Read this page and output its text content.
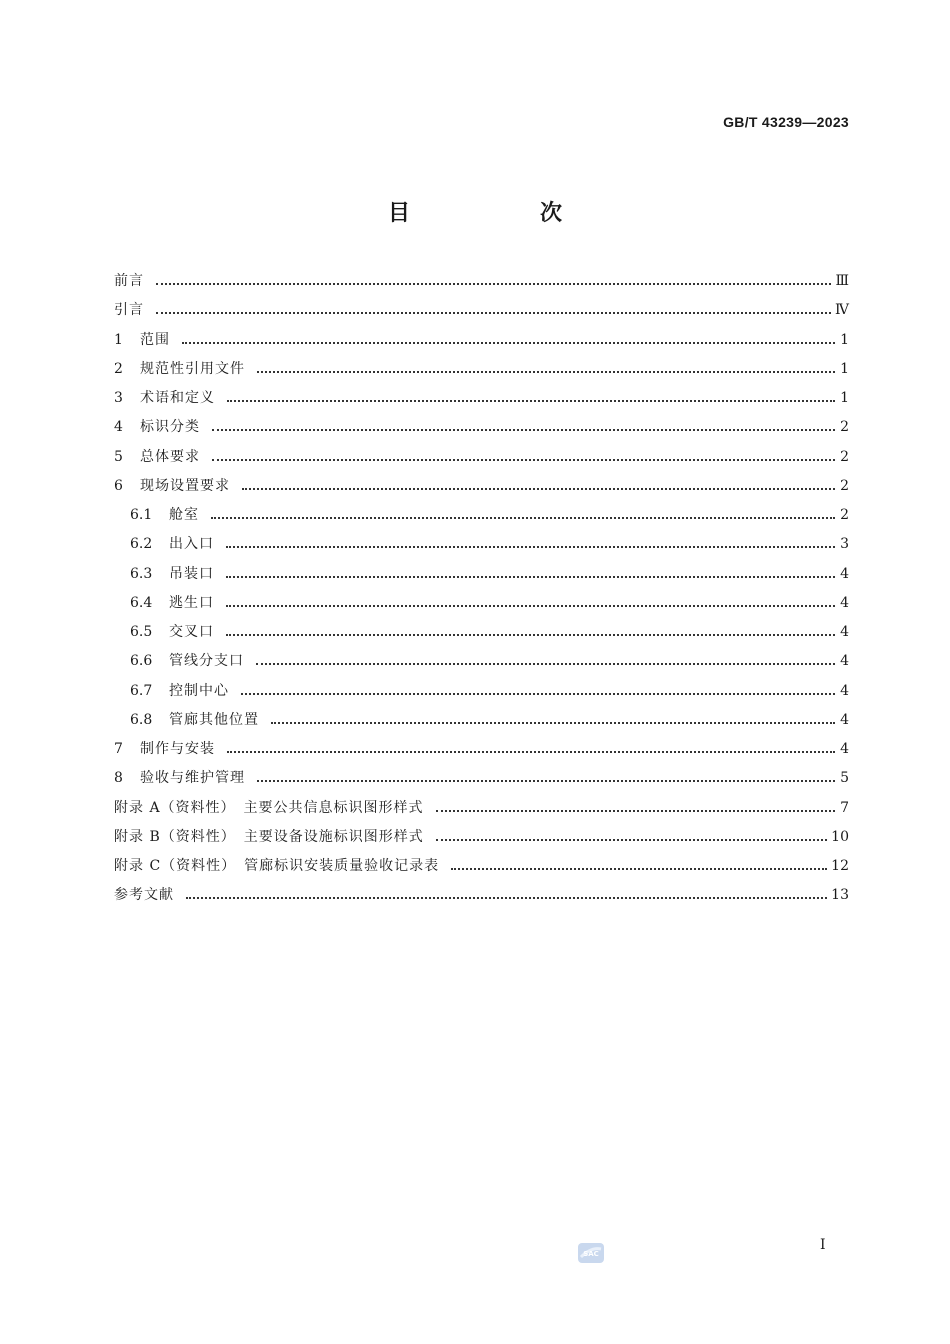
GB/T 43239—2023
目　次
前言	Ⅲ
引言	Ⅳ
1	范围	1
2	规范性引用文件	1
3	术语和定义	1
4	标识分类	2
5	总体要求	2
6	现场设置要求	2
6.1	舱室	2
6.2	出入口	3
6.3	吊装口	4
6.4	逃生口	4
6.5	交叉口	4
6.6	管线分支口	4
6.7	控制中心	4
6.8	管廊其他位置	4
7	制作与安装	4
8	验收与维护管理	5
附录 A（资料性）　主要公共信息标识图形样式	7
附录 B（资料性）　主要设备设施标识图形样式	10
附录 C（资料性）　管廊标识安装质量验收记录表	12
参考文献	13
SAC
Ⅰ
